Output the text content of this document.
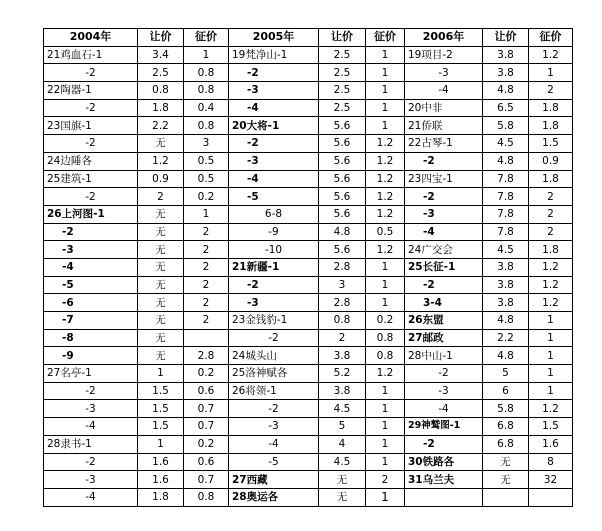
2004年	让价	征价	2005年	让价	征价	2006年	让价	征价
21鸡血石-1	3.4	1	19梵净山-1	2.5	1	19项目-2	3.8	1.2
-2	2.5	0.8	-2	2.5	1	-3	3.8	1
22陶器-1	0.8	0.8	-3	2.5	1	-4	4.8	2
-2	1.8	0.4	-4	2.5	1	20中非	6.5	1.8
23国旗-1	2.2	0.8	20大将-1	5.6	1	21侨联	5.8	1.8
-2	无	3	-2	5.6	1.2	22古琴-1	4.5	1.5
24边陲各	1.2	0.5	-3	5.6	1.2	-2	4.8	0.9
25建筑-1	0.9	0.5	-4	5.6	1.2	23四宝-1	7.8	1.8
-2	2	0.2	-5	5.6	1.2	-2	7.8	2
26上河图-1	无	1	6-8	5.6	1.2	-3	7.8	2
-2	无	2	-9	4.8	0.5	-4	7.8	2
-3	无	2	-10	5.6	1.2	24广交会	4.5	1.8
-4	无	2	21新疆-1	2.8	1	25长征-1	3.8	1.2
-5	无	2	-2	3	1	-2	3.8	1.2
-6	无	2	-3	2.8	1	3-4	3.8	1.2
-7	无	2	23金钱豹-1	0.8	0.2	26东盟	4.8	1
-8	无		-2	2	0.8	27邮政	2.2	1
-9	无	2.8	24城头山	3.8	0.8	28中山-1	4.8	1
27名亭-1	1	0.2	25洛神赋各	5.2	1.2	-2	5	1
-2	1.5	0.6	26将领-1	3.8	1	-3	6	1
-3	1.5	0.7	-2	4.5	1	-4	5.8	1.2
-4	1.5	0.7	-3	5	1	29神鹫图-1	6.8	1.5
28隶书-1	1	0.2	-4	4	1	-2	6.8	1.6
-2	1.6	0.6	-5	4.5	1	30铁路各	无	8
-3	1.6	0.7	27西藏	无	2	31乌兰夫	无	32
-4	1.8	0.8	28奥运各	无	1			
